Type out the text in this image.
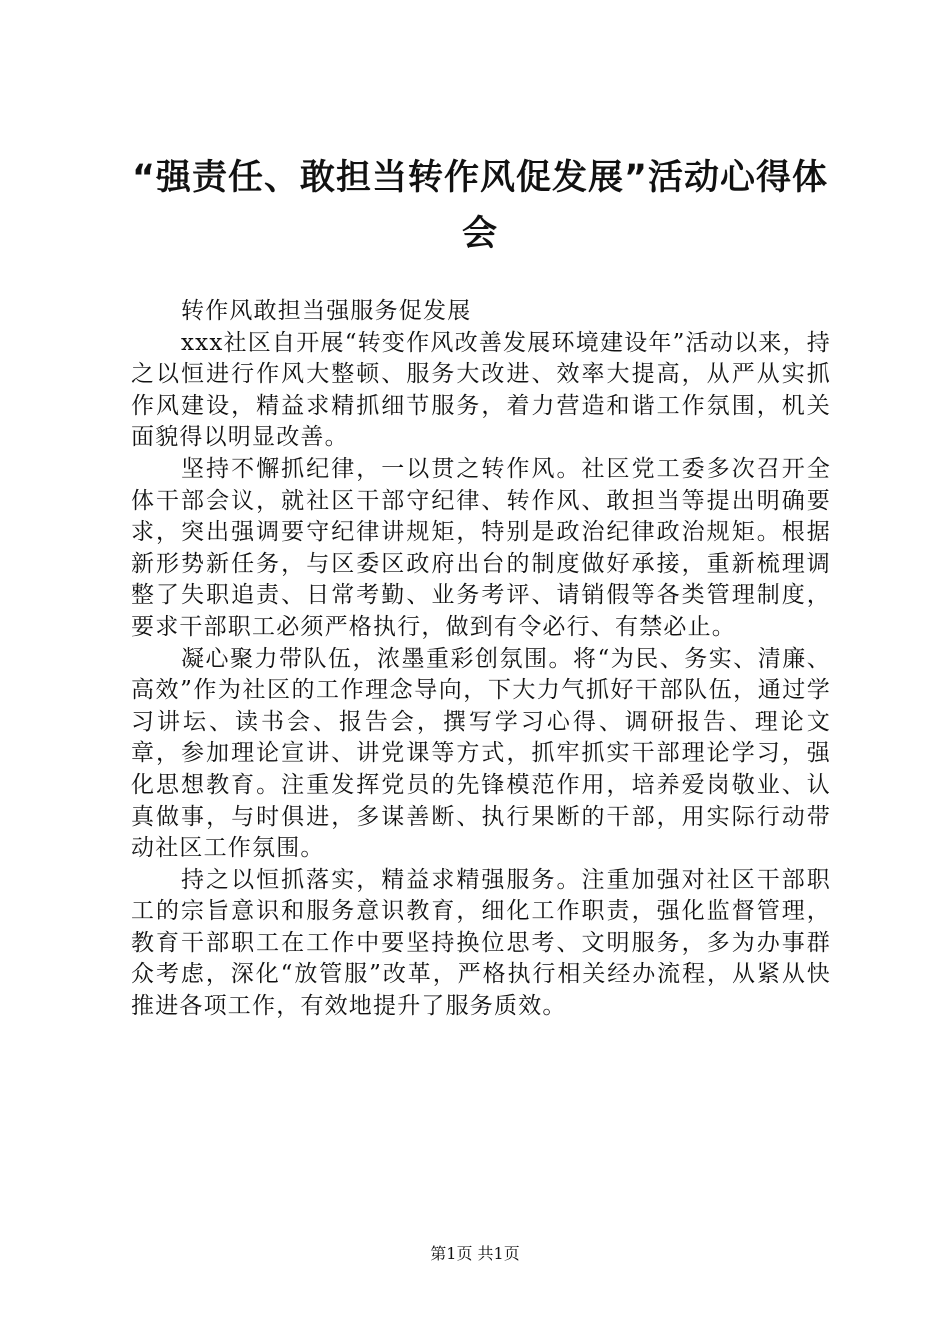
“强责任、敢担当转作风促发展”活动心得体会

转作风敢担当强服务促发展

xxx社区自开展“转变作风改善发展环境建设年”活动以来，持之以恒进行作风大整顿、服务大改进、效率大提高，从严从实抓作风建设，精益求精抓细节服务，着力营造和谐工作氛围，机关面貌得以明显改善。

坚持不懈抓纪律，一以贯之转作风。社区党工委多次召开全体干部会议，就社区干部守纪律、转作风、敢担当等提出明确要求，突出强调要守纪律讲规矩，特别是政治纪律政治规矩。根据新形势新任务，与区委区政府出台的制度做好承接，重新梳理调整了失职追责、日常考勤、业务考评、请销假等各类管理制度，要求干部职工必须严格执行，做到有令必行、有禁必止。

凝心聚力带队伍，浓墨重彩创氛围。将“为民、务实、清廉、高效”作为社区的工作理念导向，下大力气抓好干部队伍，通过学习讲坛、读书会、报告会，撰写学习心得、调研报告、理论文章，参加理论宣讲、讲党课等方式，抓牢抓实干部理论学习，强化思想教育。注重发挥党员的先锋模范作用，培养爱岗敬业、认真做事，与时俱进，多谋善断、执行果断的干部，用实际行动带动社区工作氛围。

持之以恒抓落实，精益求精强服务。注重加强对社区干部职工的宗旨意识和服务意识教育，细化工作职责，强化监督管理，教育干部职工在工作中要坚持换位思考、文明服务，多为办事群众考虑，深化“放管服”改革，严格执行相关经办流程，从紧从快推进各项工作，有效地提升了服务质效。

第1页 共1页
